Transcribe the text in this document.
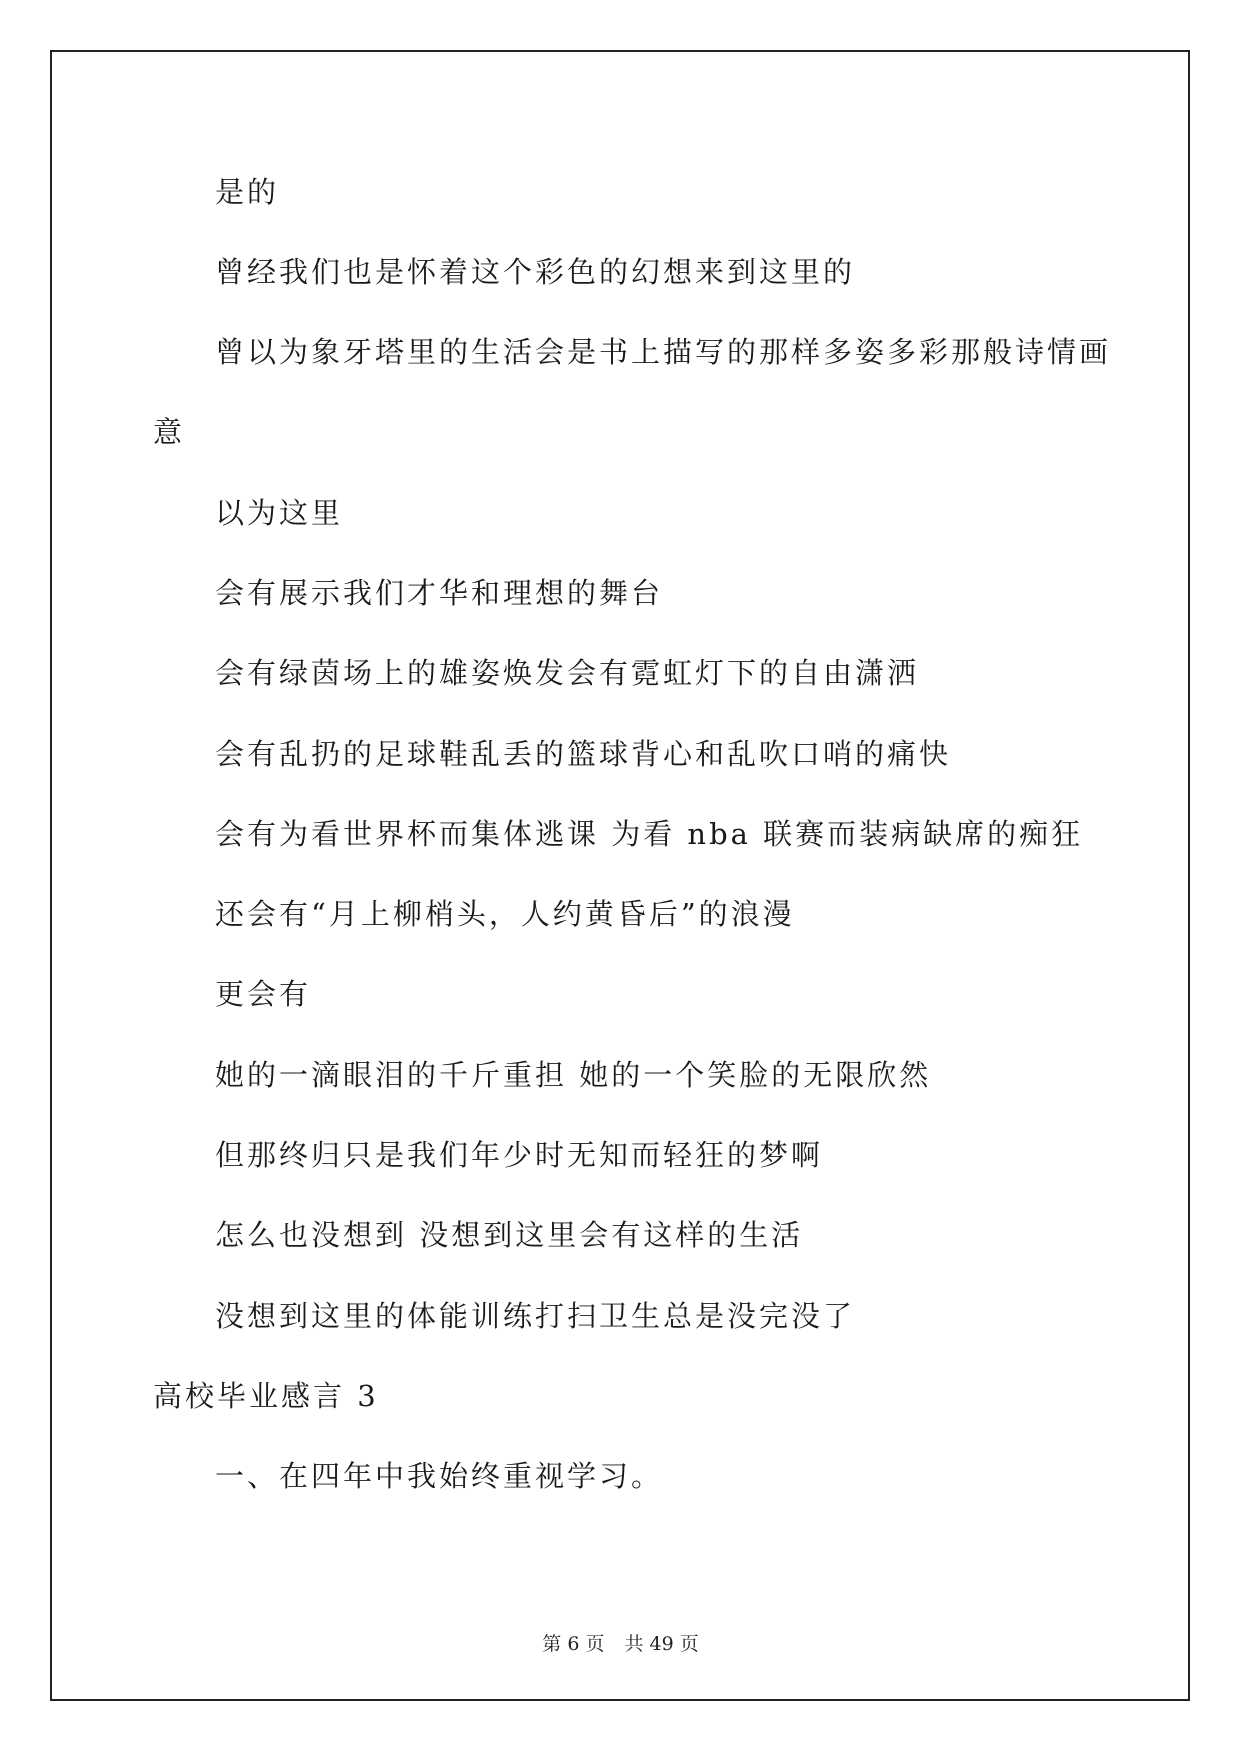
是的
曾经我们也是怀着这个彩色的幻想来到这里的
曾以为象牙塔里的生活会是书上描写的那样多姿多彩那般诗情画
意
以为这里
会有展示我们才华和理想的舞台
会有绿茵场上的雄姿焕发会有霓虹灯下的自由潇洒
会有乱扔的足球鞋乱丢的篮球背心和乱吹口哨的痛快
会有为看世界杯而集体逃课 为看 nba 联赛而装病缺席的痴狂
还会有“月上柳梢头，人约黄昏后”的浪漫
更会有
她的一滴眼泪的千斤重担 她的一个笑脸的无限欣然
但那终归只是我们年少时无知而轻狂的梦啊
怎么也没想到 没想到这里会有这样的生活
没想到这里的体能训练打扫卫生总是没完没了
高校毕业感言 3
一、在四年中我始终重视学习。
第 6 页 共 49 页
